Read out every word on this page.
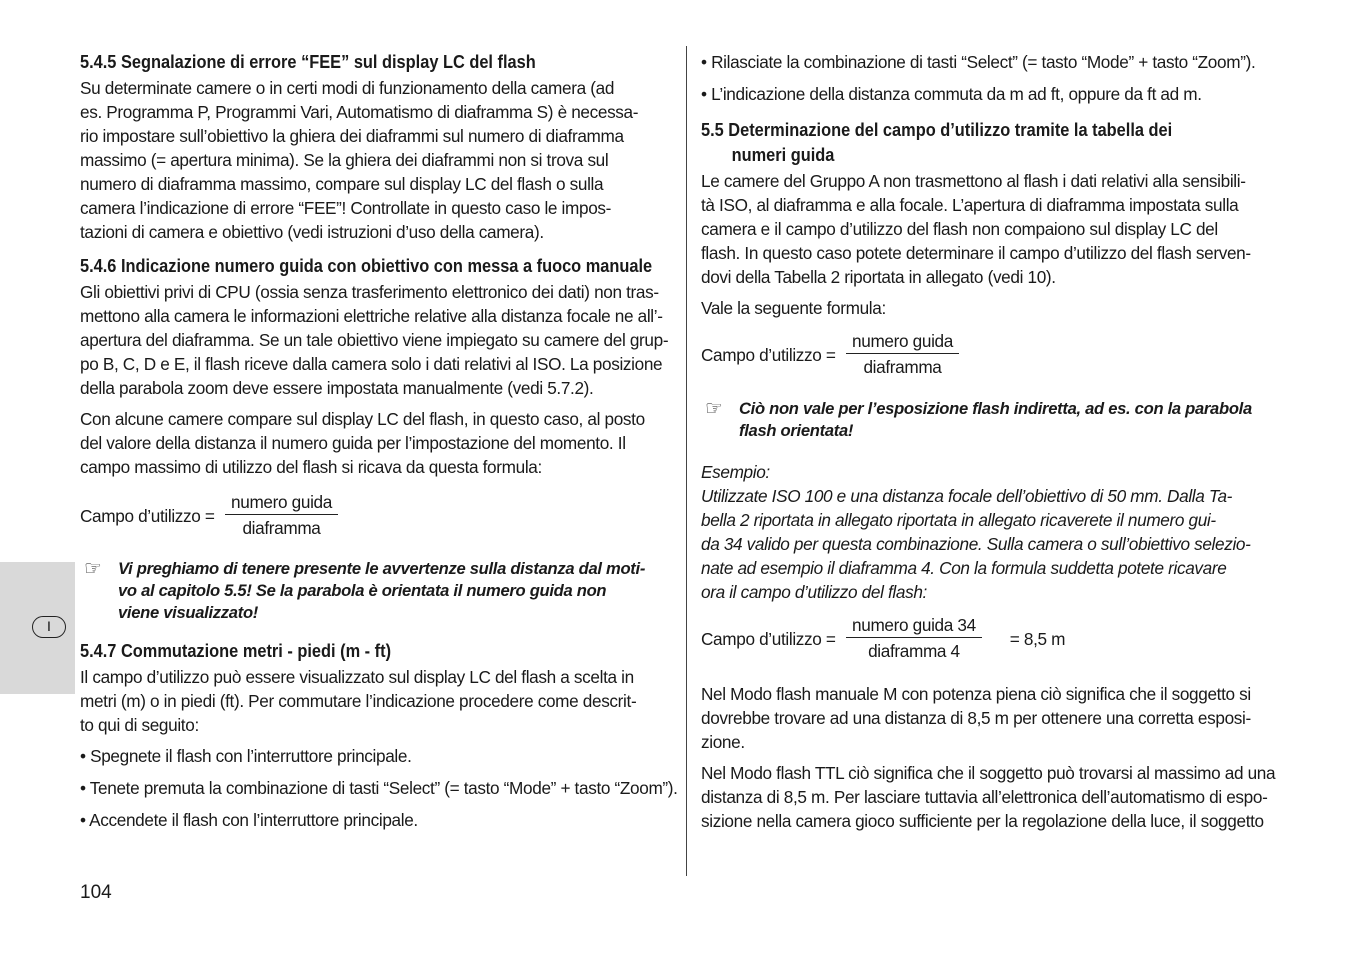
I
5.4.5 Segnalazione di errore “FEE” sul display LC del flash
Su determinate camere o in certi modi di funzionamento della camera (ad
es. Programma P, Programmi Vari, Automatismo di diaframma S) è necessa-
rio impostare sull’obiettivo la ghiera dei diaframmi sul numero di diaframma
massimo (= apertura minima). Se la ghiera dei diaframmi non si trova sul
numero di diaframma massimo, compare sul display LC del flash o sulla
camera l’indicazione di errore “FEE”! Controllate in questo caso le impos-
tazioni di camera e obiettivo (vedi istruzioni d’uso della camera).
5.4.6 Indicazione numero guida con obiettivo con messa a fuoco manuale
Gli obiettivi privi di CPU (ossia senza trasferimento elettronico dei dati) non tras-
mettono alla camera le informazioni elettriche relative alla distanza focale ne all’-
apertura del diaframma. Se un tale obiettivo viene impiegato su camere del grup-
po B, C, D e E, il flash riceve dalla camera solo i dati relativi al ISO. La posizione
della parabola zoom deve essere impostata manualmente (vedi 5.7.2).
Con alcune camere compare sul display LC del flash, in questo caso, al posto
del valore della distanza il numero guida per l’impostazione del momento. Il
campo massimo di utilizzo del flash si ricava da questa formula:
Campo d’utilizzo = $\frac{\text{numero guida}}{\text{diaframma}}$
☞ Vi preghiamo di tenere presente le avvertenze sulla distanza dal moti-
vo al capitolo 5.5! Se la parabola è orientata il numero guida non
viene visualizzato!
5.4.7 Commutazione metri - piedi (m - ft)
Il campo d’utilizzo può essere visualizzato sul display LC del flash a scelta in
metri (m) o in piedi (ft). Per commutare l’indicazione procedere come descrit-
to qui di seguito:
• Spegnete il flash con l’interruttore principale.
• Tenete premuta la combinazione di tasti “Select” (= tasto “Mode” + tasto “Zoom”).
• Accendete il flash con l’interruttore principale.
• Rilasciate la combinazione di tasti “Select” (= tasto “Mode” + tasto “Zoom”).
• L’indicazione della distanza commuta da m ad ft, oppure da ft ad m.
5.5 Determinazione del campo d’utilizzo tramite la tabella dei
numeri guida
Le camere del Gruppo A non trasmettono al flash i dati relativi alla sensibili-
tà ISO, al diaframma e alla focale. L’apertura di diaframma impostata sulla
camera e il campo d’utilizzo del flash non compaiono sul display LC del
flash. In questo caso potete determinare il campo d’utilizzo del flash serven-
dovi della Tabella 2 riportata in allegato (vedi 10).
Vale la seguente formula:
Campo d’utilizzo = $\frac{\text{numero guida}}{\text{diaframma}}$
☞ Ciò non vale per l’esposizione flash indiretta, ad es. con la parabola
flash orientata!
Esempio:
Utilizzate ISO 100 e una distanza focale dell’obiettivo di 50 mm. Dalla Ta-
bella 2 riportata in allegato riportata in allegato ricaverete il numero gui-
da 34 valido per questa combinazione. Sulla camera o sull’obiettivo selezio-
nate ad esempio il diaframma 4. Con la formula suddetta potete ricavare
ora il campo d’utilizzo del flash:
Campo d’utilizzo = $\frac{\text{numero guida 34}}{\text{diaframma 4}} = 8,5$ m
Nel Modo flash manuale M con potenza piena ciò significa che il soggetto si
dovrebbe trovare ad una distanza di 8,5 m per ottenere una corretta esposi-
zione.
Nel Modo flash TTL ciò significa che il soggetto può trovarsi al massimo ad una
distanza di 8,5 m. Per lasciare tuttavia all’elettronica dell’automatismo di espo-
sizione nella camera gioco sufficiente per la regolazione della luce, il soggetto
104
